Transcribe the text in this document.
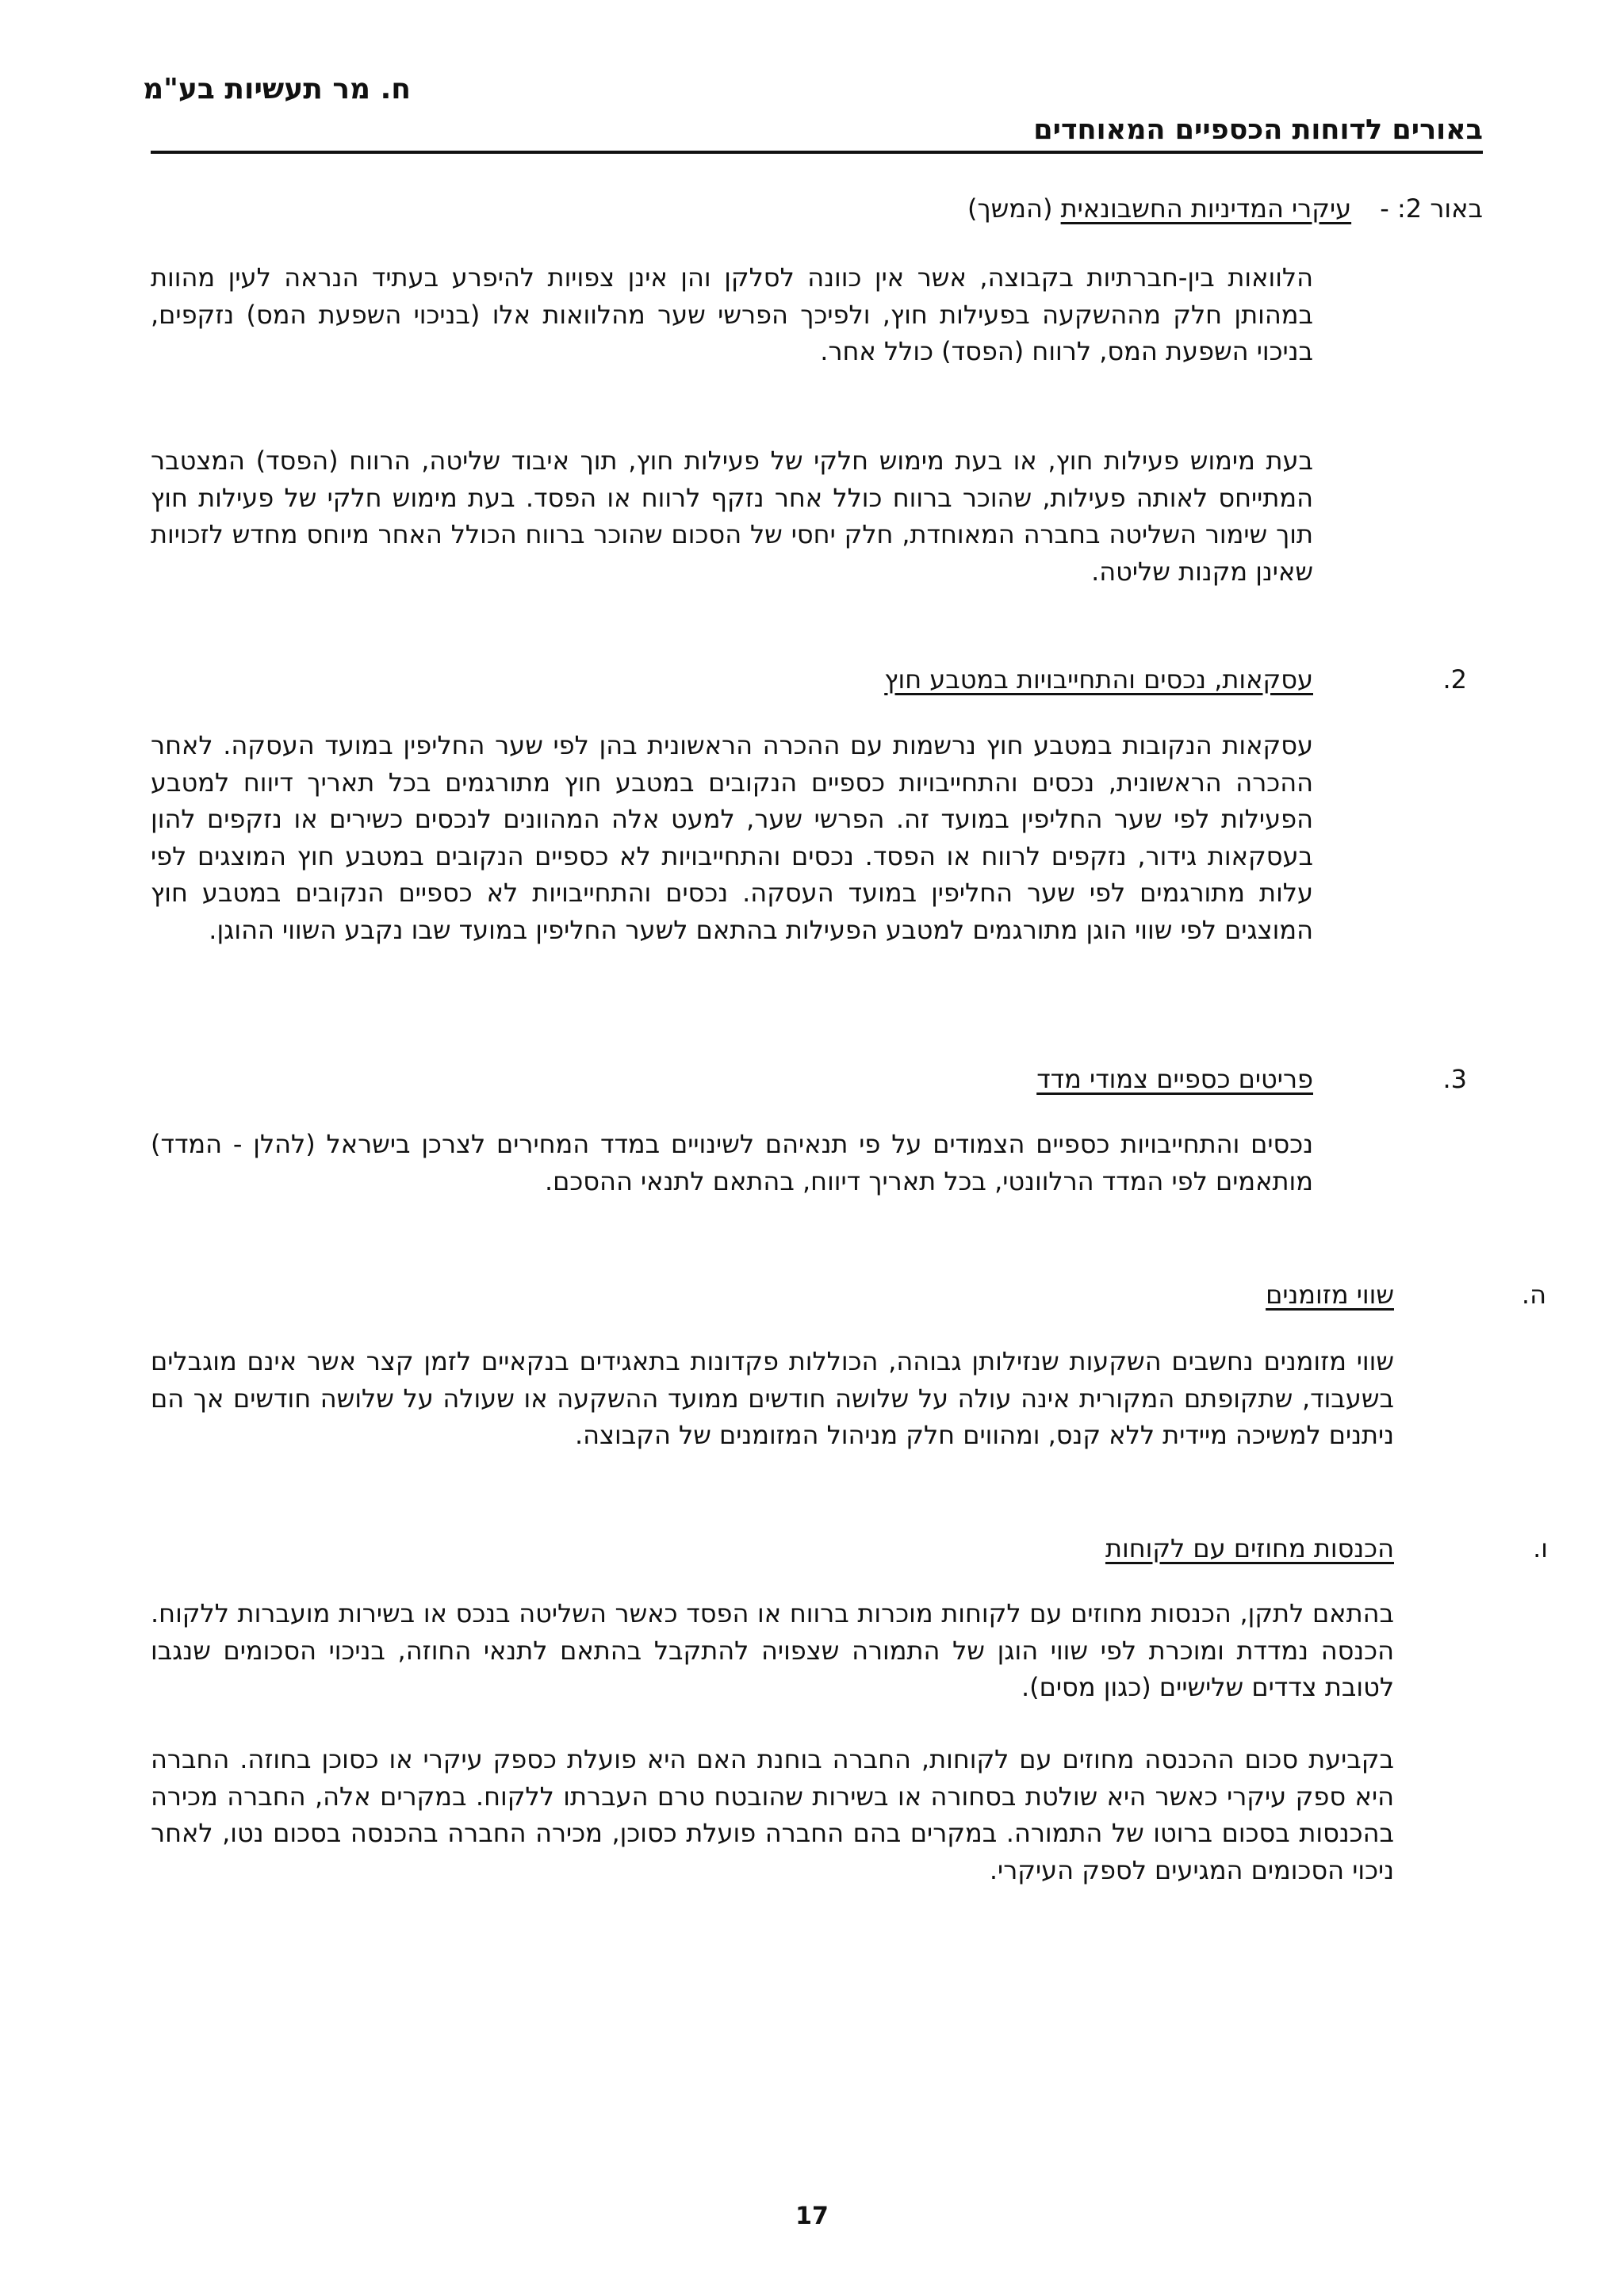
ח. מר תעשיות בע"מ
באורים לדוחות הכספיים המאוחדים
באור 2: - עיקרי המדיניות החשבונאית (המשך)

הלוואות בין-חברתיות בקבוצה, אשר אין כוונה לסלקן והן אינן צפויות להיפרע בעתיד הנראה לעין מהוות במהותן חלק מההשקעה בפעילות חוץ, ולפיכך הפרשי שער מהלוואות אלו (בניכוי השפעת המס) נזקפים, בניכוי השפעת המס, לרווח (הפסד) כולל אחר.

בעת מימוש פעילות חוץ, או בעת מימוש חלקי של פעילות חוץ, תוך איבוד שליטה, הרווח (הפסד) המצטבר המתייחס לאותה פעילות, שהוכר ברווח כולל אחר נזקף לרווח או הפסד. בעת מימוש חלקי של פעילות חוץ תוך שימור השליטה בחברה המאוחדת, חלק יחסי של הסכום שהוכר ברווח הכולל האחר מיוחס מחדש לזכויות שאינן מקנות שליטה.

2.
עסקאות, נכסים והתחייבויות במטבע חוץ

עסקאות הנקובות במטבע חוץ נרשמות עם ההכרה הראשונית בהן לפי שער החליפין במועד העסקה. לאחר ההכרה הראשונית, נכסים והתחייבויות כספיים הנקובים במטבע חוץ מתורגמים בכל תאריך דיווח למטבע הפעילות לפי שער החליפין במועד זה. הפרשי שער, למעט אלה המהוונים לנכסים כשירים או נזקפים להון בעסקאות גידור, נזקפים לרווח או הפסד. נכסים והתחייבויות לא כספיים הנקובים במטבע חוץ המוצגים לפי עלות מתורגמים לפי שער החליפין במועד העסקה. נכסים והתחייבויות לא כספיים הנקובים במטבע חוץ המוצגים לפי שווי הוגן מתורגמים למטבע הפעילות בהתאם לשער החליפין במועד שבו נקבע השווי ההוגן.

3.
פריטים כספיים צמודי מדד

נכסים והתחייבויות כספיים הצמודים על פי תנאיהם לשינויים במדד המחירים לצרכן בישראל (להלן - המדד) מותאמים לפי המדד הרלוונטי, בכל תאריך דיווח, בהתאם לתנאי ההסכם.

ה.
שווי מזומנים

שווי מזומנים נחשבים השקעות שנזילותן גבוהה, הכוללות פקדונות בתאגידים בנקאיים לזמן קצר אשר אינם מוגבלים בשעבוד, שתקופתם המקורית אינה עולה על שלושה חודשים ממועד ההשקעה או שעולה על שלושה חודשים אך הם ניתנים למשיכה מיידית ללא קנס, ומהווים חלק מניהול המזומנים של הקבוצה.

ו.
הכנסות מחוזים עם לקוחות

בהתאם לתקן, הכנסות מחוזים עם לקוחות מוכרות ברווח או הפסד כאשר השליטה בנכס או בשירות מועברות ללקוח. הכנסה נמדדת ומוכרת לפי שווי הוגן של התמורה שצפויה להתקבל בהתאם לתנאי החוזה, בניכוי הסכומים שנגבו לטובת צדדים שלישיים (כגון מסים).

בקביעת סכום ההכנסה מחוזים עם לקוחות, החברה בוחנת האם היא פועלת כספק עיקרי או כסוכן בחוזה. החברה היא ספק עיקרי כאשר היא שולטת בסחורה או בשירות שהובטח טרם העברתו ללקוח. במקרים אלה, החברה מכירה בהכנסות בסכום ברוטו של התמורה. במקרים בהם החברה פועלת כסוכן, מכירה החברה בהכנסה בסכום נטו, לאחר ניכוי הסכומים המגיעים לספק העיקרי.

17
